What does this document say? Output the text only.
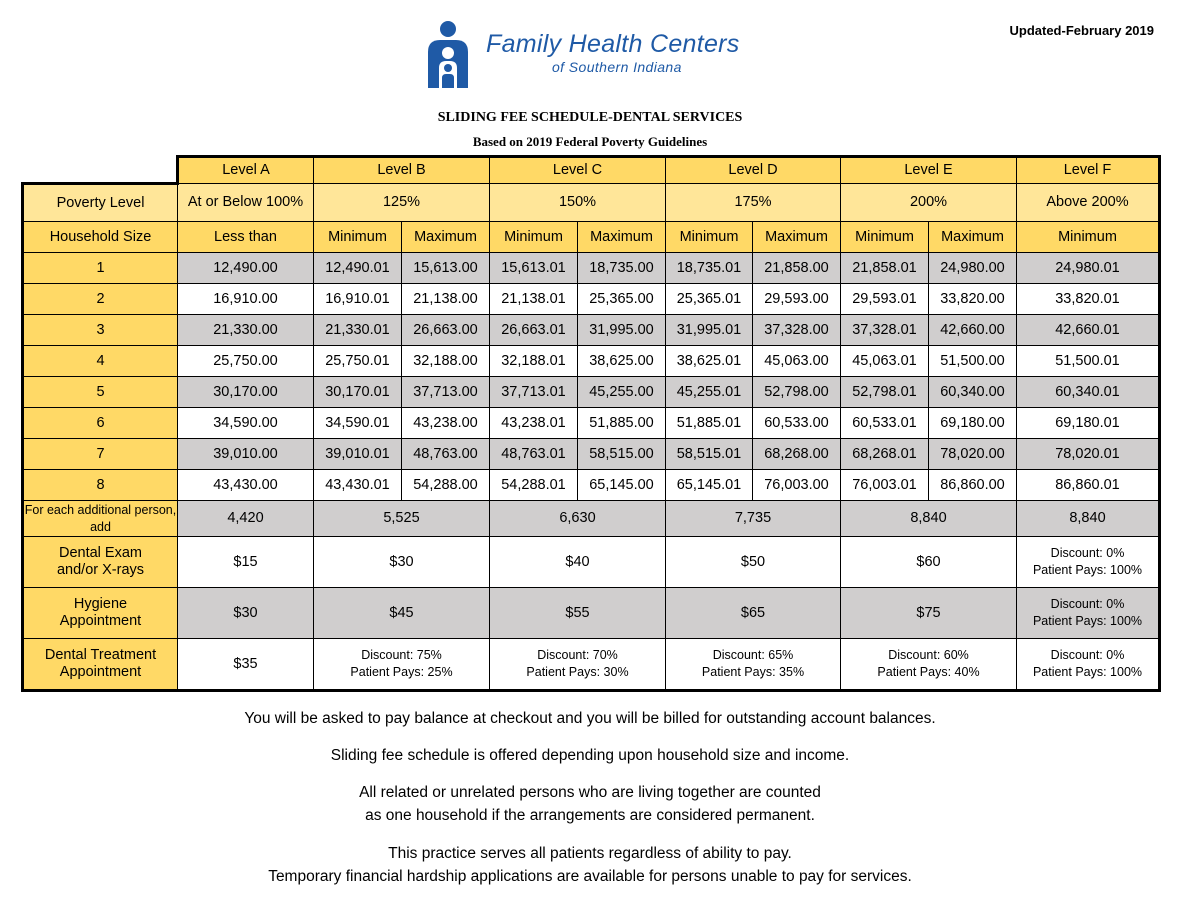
Updated-February 2019
Family Health Centers
of Southern Indiana
SLIDING FEE SCHEDULE-DENTAL SERVICES
Based on 2019 Federal Poverty Guidelines
	Level A	Level B		Level C		Level D		Level E		Level F
Poverty Level	At or Below 100%	125%		150%		175%		200%		Above 200%
Household Size	Less than	Minimum	Maximum	Minimum	Maximum	Minimum	Maximum	Minimum	Maximum	Minimum
1	12,490.00	12,490.01	15,613.00	15,613.01	18,735.00	18,735.01	21,858.00	21,858.01	24,980.00	24,980.01
2	16,910.00	16,910.01	21,138.00	21,138.01	25,365.00	25,365.01	29,593.00	29,593.01	33,820.00	33,820.01
3	21,330.00	21,330.01	26,663.00	26,663.01	31,995.00	31,995.01	37,328.00	37,328.01	42,660.00	42,660.01
4	25,750.00	25,750.01	32,188.00	32,188.01	38,625.00	38,625.01	45,063.00	45,063.01	51,500.00	51,500.01
5	30,170.00	30,170.01	37,713.00	37,713.01	45,255.00	45,255.01	52,798.00	52,798.01	60,340.00	60,340.01
6	34,590.00	34,590.01	43,238.00	43,238.01	51,885.00	51,885.01	60,533.00	60,533.01	69,180.00	69,180.01
7	39,010.00	39,010.01	48,763.00	48,763.01	58,515.00	58,515.01	68,268.00	68,268.01	78,020.00	78,020.01
8	43,430.00	43,430.01	54,288.00	54,288.01	65,145.00	65,145.01	76,003.00	76,003.01	86,860.00	86,860.01
For each additional person, add	4,420	5,525		6,630		7,735		8,840		8,840
Dental Exam and/or X-rays	$15	$30		$40		$50		$60		Discount: 0%
Patient Pays: 100%
Hygiene Appointment	$30	$45		$55		$65		$75		Discount: 0%
Patient Pays: 100%
Dental Treatment Appointment	$35	Discount: 75%
Patient Pays: 25%		Discount: 70%
Patient Pays: 30%		Discount: 65%
Patient Pays: 35%		Discount: 60%
Patient Pays: 40%		Discount: 0%
Patient Pays: 100%
You will be asked to pay balance at checkout and you will be billed for outstanding account balances.
Sliding fee schedule is offered depending upon household size and income.
All related or unrelated persons who are living together are counted
as one household if the arrangements are considered permanent.
This practice serves all patients regardless of ability to pay.
Temporary financial hardship applications are available for persons unable to pay for services.
